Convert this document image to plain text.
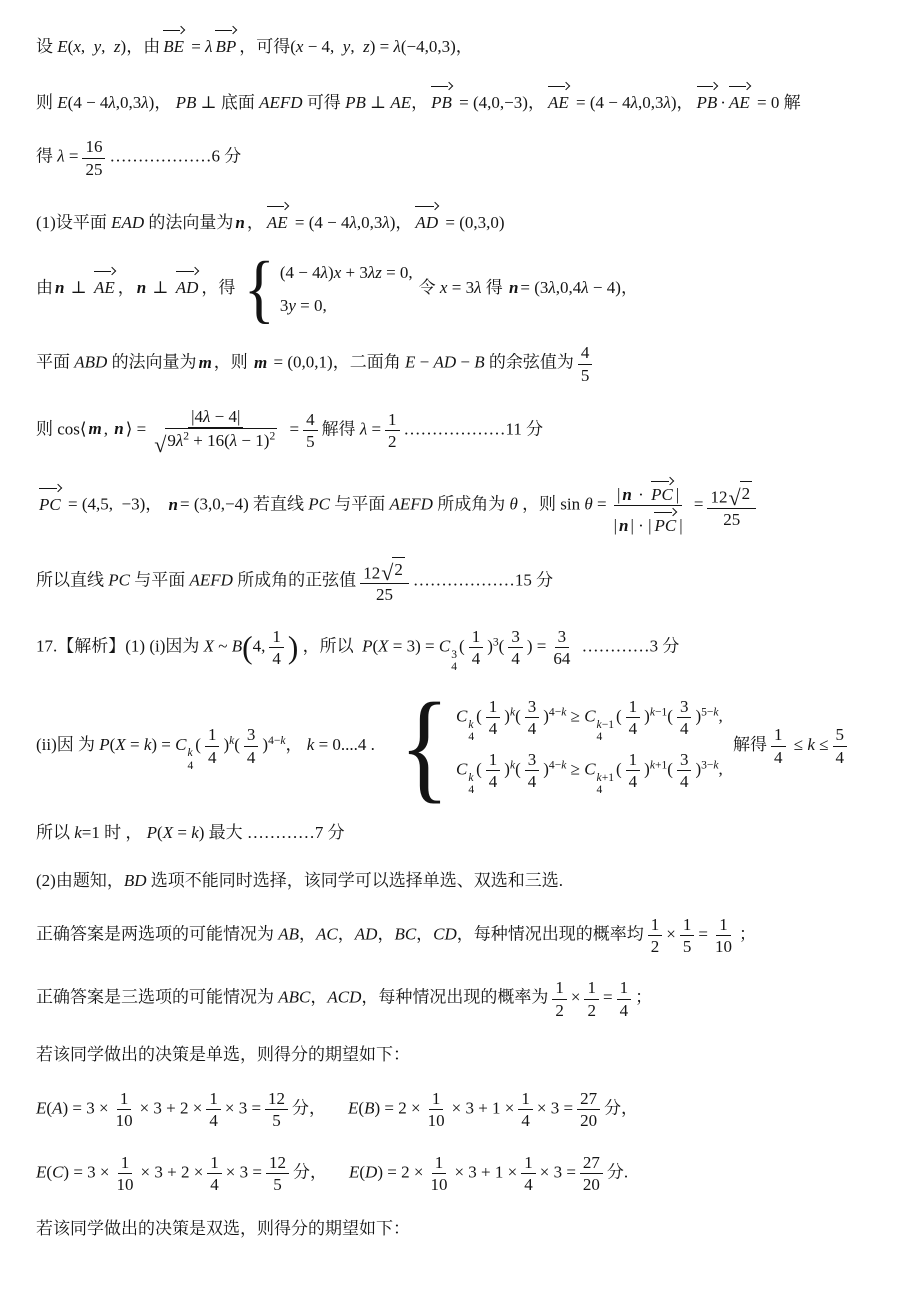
设 E(x, y, z)，由 BE = λ BP ，可得(x − 4, y, z) = λ(−4,0,3)，
则 E(4 − 4λ,0,3λ)， PB ⊥ 底面 AEFD 可得 PB ⊥ AE， PB = (4,0,−3)， AE = (4 − 4λ,0,3λ)， PB · AE = 0 解
得 $\lambda = \frac{16}{25}$ ………………6 分
(1)设平面 EAD 的法向量为 n ， AE = (4 − 4λ,0,3λ)， AD = (0,3,0)
由 n ⊥ AE ， n ⊥ AD ，得 { (4 − 4λ)x + 3λz = 0,
3y = 0,
令 x = 3λ 得 n = (3λ,0,4λ − 4)，
平面 ABD 的法向量为 m ，则 m = (0,0,1)，二面角 E − AD − B 的余弦值为 $\frac{4}{5}$
则 cos⟨ m , n ⟩ = $\frac{|4\lambda - 4|}{√ 9\lambda^2 + 16(\lambda - 1)^2} = \frac{4}{5}$ 解得 $\lambda = \frac{1}{2}$ ………………11 分
PC = (4,5, −3)， n = (3,0,−4) 若直线 PC 与平面 AEFD 所成角为 θ ，则 $\sin \theta = \frac{| n \cdot PC |}{| n | \cdot | PC |} = \frac{12 √ 2}{25}$
所以直线 PC 与平面 AEFD 所成角的正弦值 $\frac{12 √ 2}{25}$ ………………15 分
17.【解析】(1) (i)因为 X ~ B(4, $\frac{1}{4}$ ) ，所以  P(X = 3) = C 3
4
( $\frac{1}{4} )^3( \frac{3}{4}$ ) = $\frac{3}{64}$ …………3 分
(ii)因 为 P(X = k) = C k
4
( $\frac{1}{4} )^k( \frac{3}{4} )^{4-k}$， k = 0....4 . { C k
4
( $\frac{1}{4} )^k( \frac{3}{4} )^{4-k} \ge C$ k−1
4
( $\frac{1}{4} )^{k-1}( \frac{3}{4} )^{5-k}$,
C k
4
( $\frac{1}{4} )^k( \frac{3}{4} )^{4-k} \ge C$ k+1
4
( $\frac{1}{4} )^{k+1}( \frac{3}{4} )^{3-k}$,
解得 $\frac{1}{4} \le k \le \frac{5}{4}$
所以 k=1 时 ， P(X = k) 最大 …………7 分
(2)由题知，BD 选项不能同时选择，该同学可以选择单选、双选和三选.
正确答案是两选项的可能情况为 AB，AC，AD，BC，CD，每种情况出现的概率均 $\frac{1}{2} \times \frac{1}{5} = \frac{1}{10}$ ；
正确答案是三选项的可能情况为 ABC，ACD，每种情况出现的概率为 $\frac{1}{2} \times \frac{1}{2} = \frac{1}{4}$ ；
若该同学做出的决策是单选，则得分的期望如下：
$E(A) = 3 \times \frac{1}{10} \times 3 + 2 \times \frac{1}{4} \times 3 = \frac{12}{5}$ 分， $E(B) = 2 \times \frac{1}{10} \times 3 + 1 \times \frac{1}{4} \times 3 = \frac{27}{20}$ 分，
$E(C) = 3 \times \frac{1}{10} \times 3 + 2 \times \frac{1}{4} \times 3 = \frac{12}{5}$ 分， $E(D) = 2 \times \frac{1}{10} \times 3 + 1 \times \frac{1}{4} \times 3 = \frac{27}{20}$ 分.
若该同学做出的决策是双选，则得分的期望如下：
